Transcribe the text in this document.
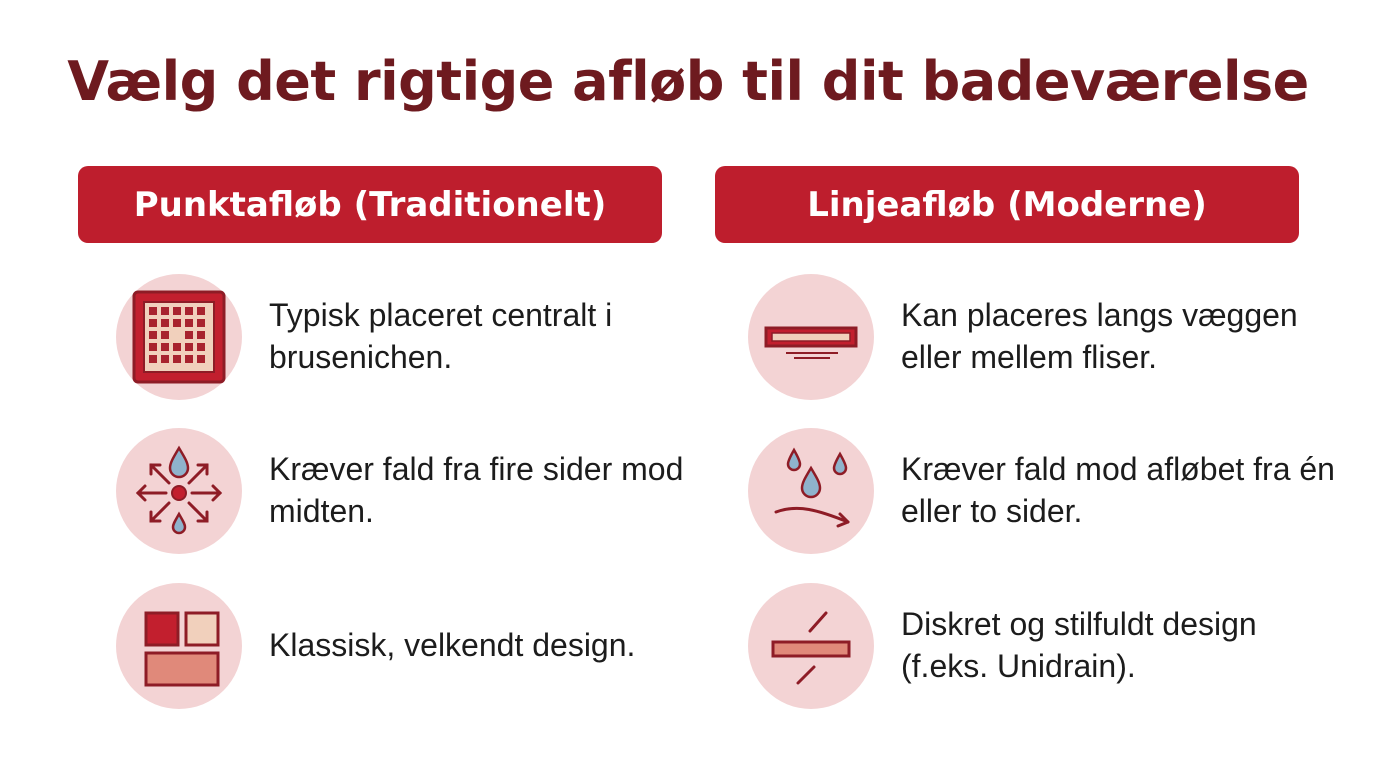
Vælg det rigtige afløb til dit badeværelse
Punktafløb (Traditionelt)
Typisk placeret centralt i brusenichen.
Kræver fald fra fire sider mod midten.
Klassisk, velkendt design.
Linjeafløb (Moderne)
Kan placeres langs væggen eller mellem fliser.
Kræver fald mod afløbet fra én eller to sider.
Diskret og stilfuldt design (f.eks. Unidrain).
